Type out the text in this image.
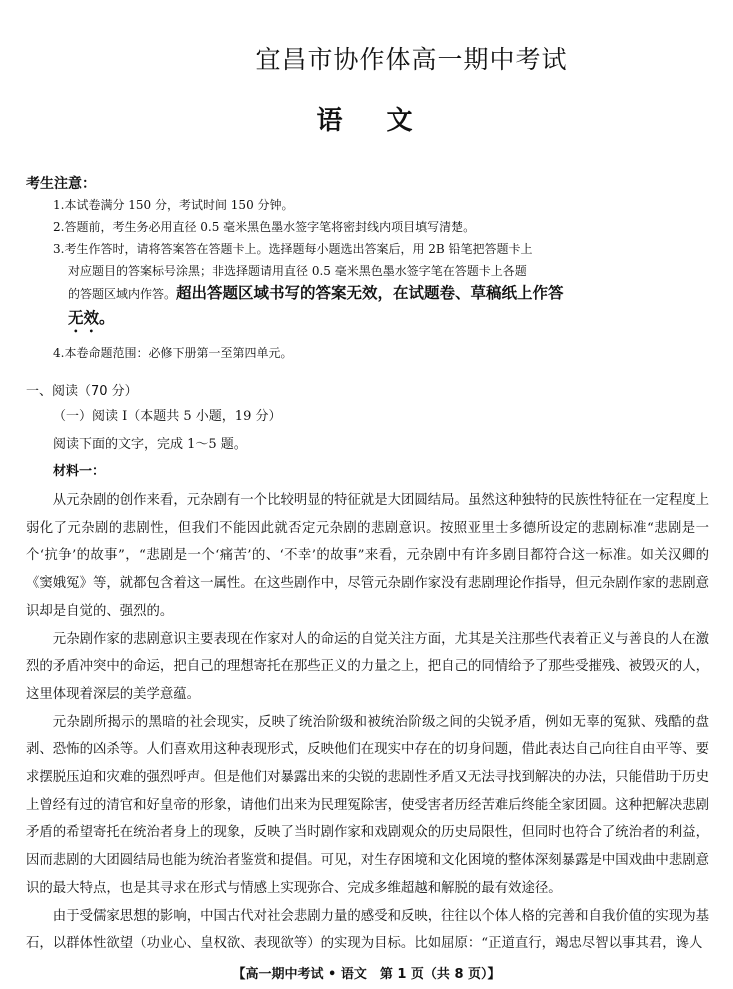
宜昌市协作体高一期中考试
语文
考生注意：
1.本试卷满分 150 分，考试时间 150 分钟。
2.答题前，考生务必用直径 0.5 毫米黑色墨水签字笔将密封线内项目填写清楚。
3.考生作答时，请将答案答在答题卡上。选择题每小题选出答案后，用 2B 铅笔把答题卡上
对应题目的答案标号涂黑；非选择题请用直径 0.5 毫米黑色墨水签字笔在答题卡上各题
的答题区域内作答。超出答题区域书写的答案无效，在试题卷、草稿纸上作答
无效。
4.本卷命题范围：必修下册第一至第四单元。
一、阅读（70 分）
（一）阅读 I（本题共 5 小题，19 分）
阅读下面的文字，完成 1～5 题。
材料一：

从元杂剧的创作来看，元杂剧有一个比较明显的特征就是大团圆结局。虽然这种独特的民族性特征在一定程度上弱化了元杂剧的悲剧性，但我们不能因此就否定元杂剧的悲剧意识。按照亚里士多德所设定的悲剧标准“悲剧是一个‘抗争’的故事”，“悲剧是一个‘痛苦’的、‘不幸’的故事”来看，元杂剧中有许多剧目都符合这一标准。如关汉卿的《窦娥冤》等，就都包含着这一属性。在这些剧作中，尽管元杂剧作家没有悲剧理论作指导，但元杂剧作家的悲剧意识却是自觉的、强烈的。

元杂剧作家的悲剧意识主要表现在作家对人的命运的自觉关注方面，尤其是关注那些代表着正义与善良的人在激烈的矛盾冲突中的命运，把自己的理想寄托在那些正义的力量之上，把自己的同情给予了那些受摧残、被毁灭的人，这里体现着深层的美学意蕴。

元杂剧所揭示的黑暗的社会现实，反映了统治阶级和被统治阶级之间的尖锐矛盾，例如无辜的冤狱、残酷的盘剥、恐怖的凶杀等。人们喜欢用这种表现形式，反映他们在现实中存在的切身问题，借此表达自己向往自由平等、要求摆脱压迫和灾难的强烈呼声。但是他们对暴露出来的尖锐的悲剧性矛盾又无法寻找到解决的办法，只能借助于历史上曾经有过的清官和好皇帝的形象，请他们出来为民理冤除害，使受害者历经苦难后终能全家团圆。这种把解决悲剧矛盾的希望寄托在统治者身上的现象，反映了当时剧作家和戏剧观众的历史局限性，但同时也符合了统治者的利益，因而悲剧的大团圆结局也能为统治者鉴赏和提倡。可见，对生存困境和文化困境的整体深刻暴露是中国戏曲中悲剧意识的最大特点，也是其寻求在形式与情感上实现弥合、完成多维超越和解脱的最有效途径。

由于受儒家思想的影响，中国古代对社会悲剧力量的感受和反映，往往以个体人格的完善和自我价值的实现为基石，以群体性欲望（功业心、皇权欲、表现欲等）的实现为目标。比如屈原：“正道直行，竭忠尽智以事其君，谗人

【高一期中考试 • 语文　第 1 页（共 8 页）】
